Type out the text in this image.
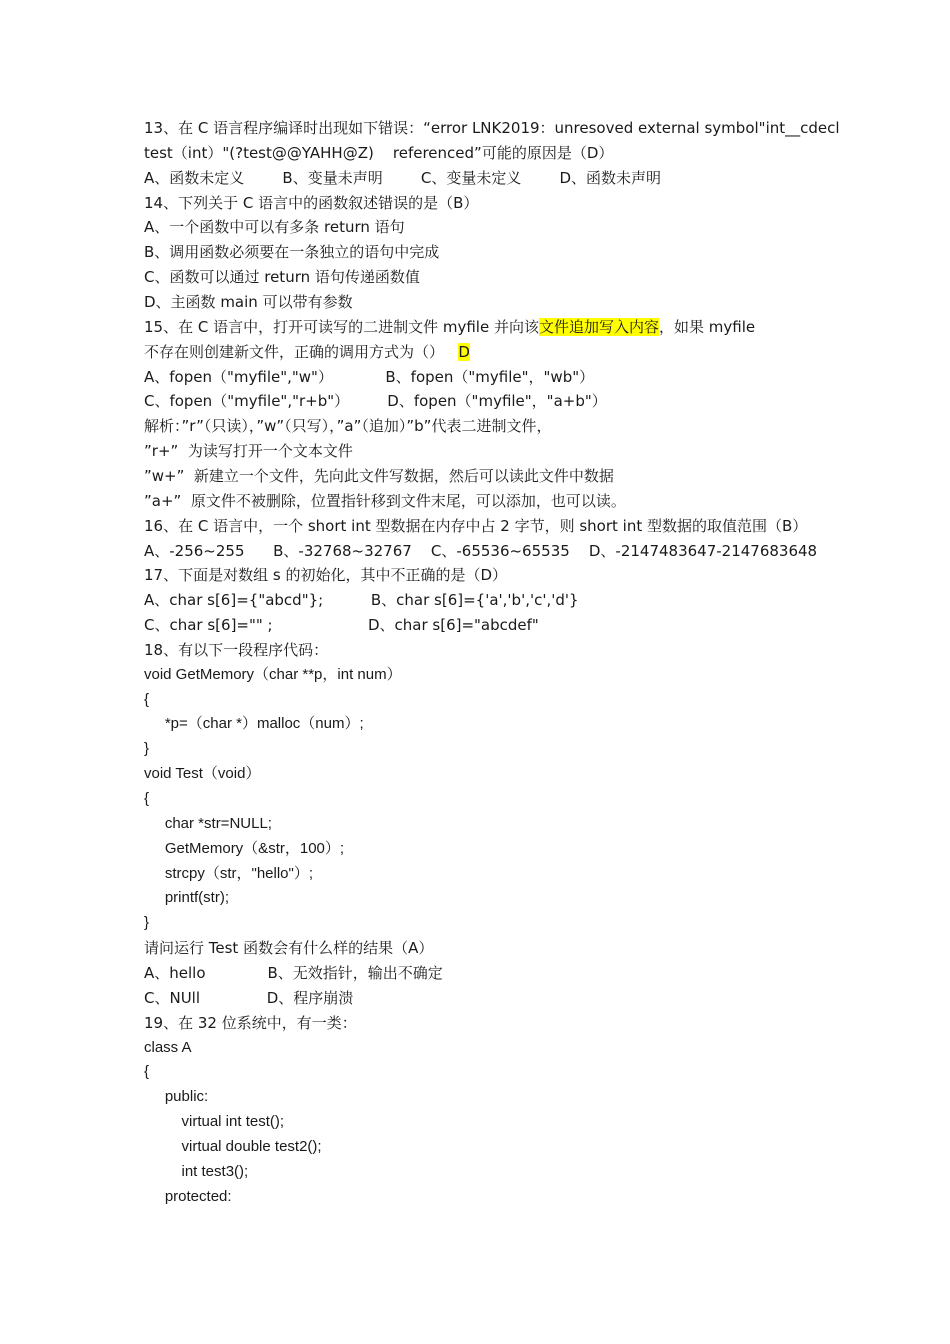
13、在 C 语言程序编译时出现如下错误：“error LNK2019：unresoved external symbol"int__cdecl
test（int）"(?test@@YAHH@Z)    referenced”可能的原因是（D）
A、函数未定义        B、变量未声明        C、变量未定义        D、函数未声明
14、下列关于 C 语言中的函数叙述错误的是（B）
A、一个函数中可以有多条 return 语句
B、调用函数必须要在一条独立的语句中完成
C、函数可以通过 return 语句传递函数值
D、主函数 main 可以带有参数
15、在 C 语言中，打开可读写的二进制文件 myfile 并向该文件追加写入内容，如果 myfile
不存在则创建新文件，正确的调用方式为（）   D
A、fopen（"myfile","w"）           B、fopen（"myfile"，"wb"）
C、fopen（"myfile","r+b"）        D、fopen（"myfile"，"a+b"）
解析：”r”（只读），”w”（只写），”a”（追加）”b”代表二进制文件，
”r+”  为读写打开一个文本文件
”w+”  新建立一个文件，先向此文件写数据，然后可以读此文件中数据
”a+”  原文件不被删除，位置指针移到文件末尾，可以添加，也可以读。
16、在 C 语言中，一个 short int 型数据在内存中占 2 字节，则 short int 型数据的取值范围（B）
A、-256~255      B、-32768~32767    C、-65536~65535    D、-2147483647-2147683648
17、下面是对数组 s 的初始化，其中不正确的是（D）
A、char s[6]={"abcd"};          B、char s[6]={'a','b','c','d'}
C、char s[6]="" ;                    D、char s[6]="abcdef"
18、有以下一段程序代码：
void GetMemory（char **p，int num）
{
*p=（char *）malloc（num）;
}
void Test（void）
{
char *str=NULL;
GetMemory（&str，100）;
strcpy（str，"hello"）;
printf(str);
}
请问运行 Test 函数会有什么样的结果（A）
A、hello             B、无效指针，输出不确定
C、NUll              D、程序崩溃
19、在 32 位系统中，有一类：
class A
{
public:
virtual int test();
virtual double test2();
int test3();
protected:
